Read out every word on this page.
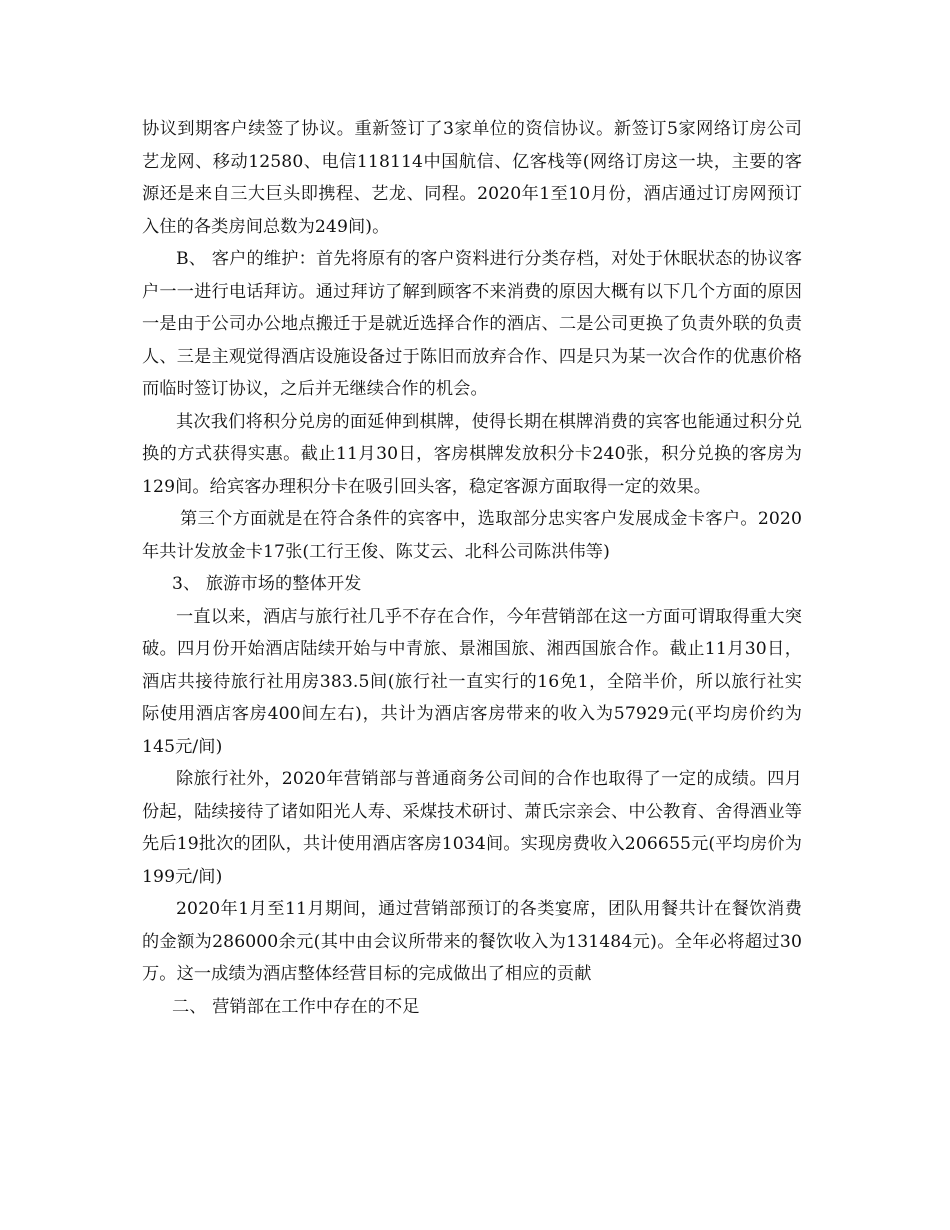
协议到期客户续签了协议。重新签订了3家单位的资信协议。新签订5家网络订房公司艺龙网、移动12580、电信118114中国航信、亿客栈等(网络订房这一块，主要的客源还是来自三大巨头即携程、艺龙、同程。2020年1至10月份，酒店通过订房网预订入住的各类房间总数为249间)。

B、 客户的维护：首先将原有的客户资料进行分类存档，对处于休眠状态的协议客户一一进行电话拜访。通过拜访了解到顾客不来消费的原因大概有以下几个方面的原因一是由于公司办公地点搬迁于是就近选择合作的酒店、二是公司更换了负责外联的负责人、三是主观觉得酒店设施设备过于陈旧而放弃合作、四是只为某一次合作的优惠价格而临时签订协议，之后并无继续合作的机会。

其次我们将积分兑房的面延伸到棋牌，使得长期在棋牌消费的宾客也能通过积分兑换的方式获得实惠。截止11月30日，客房棋牌发放积分卡240张，积分兑换的客房为129间。给宾客办理积分卡在吸引回头客，稳定客源方面取得一定的效果。

第三个方面就是在符合条件的宾客中，选取部分忠实客户发展成金卡客户。2020年共计发放金卡17张(工行王俊、陈艾云、北科公司陈洪伟等)

3、 旅游市场的整体开发

一直以来，酒店与旅行社几乎不存在合作，今年营销部在这一方面可谓取得重大突破。四月份开始酒店陆续开始与中青旅、景湘国旅、湘西国旅合作。截止11月30日，酒店共接待旅行社用房383.5间(旅行社一直实行的16免1，全陪半价，所以旅行社实际使用酒店客房400间左右)，共计为酒店客房带来的收入为57929元(平均房价约为145元/间)

除旅行社外，2020年营销部与普通商务公司间的合作也取得了一定的成绩。四月份起，陆续接待了诸如阳光人寿、采煤技术研讨、萧氏宗亲会、中公教育、舍得酒业等先后19批次的团队，共计使用酒店客房1034间。实现房费收入206655元(平均房价为199元/间)

2020年1月至11月期间，通过营销部预订的各类宴席，团队用餐共计在餐饮消费的金额为286000余元(其中由会议所带来的餐饮收入为131484元)。全年必将超过30万。这一成绩为酒店整体经营目标的完成做出了相应的贡献

二、 营销部在工作中存在的不足
